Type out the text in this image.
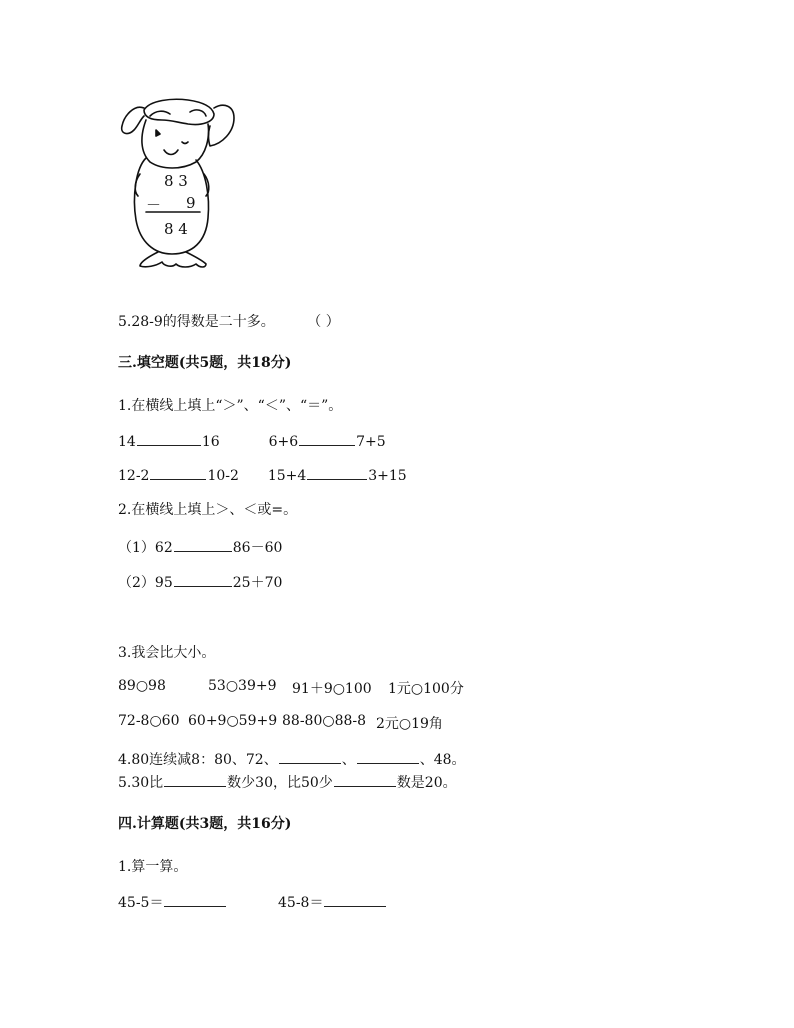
8 3
－ 9
8 4
5.28-9的得数是二十多。 （ ）
三.填空题(共5题，共18分)
1.在横线上填上“＞”、“＜”、“＝”。
14	16	6+6	7+5
12-2	10-2 15+4	3+15
2.在横线上填上＞、＜或=。
（1）62	86－60
（2）95	25＋70
3.我会比大小。
89○98	53○39+9 91＋9○100 1元○100分
72-8○60 60+9○59+9 88-80○88-8 2元○19角
4.80连续减8：80、72、	、	、48。
5.30比	数少30，比50少	数是20。
四.计算题(共3题，共16分)
1.算一算。
45-5＝	45-8＝
